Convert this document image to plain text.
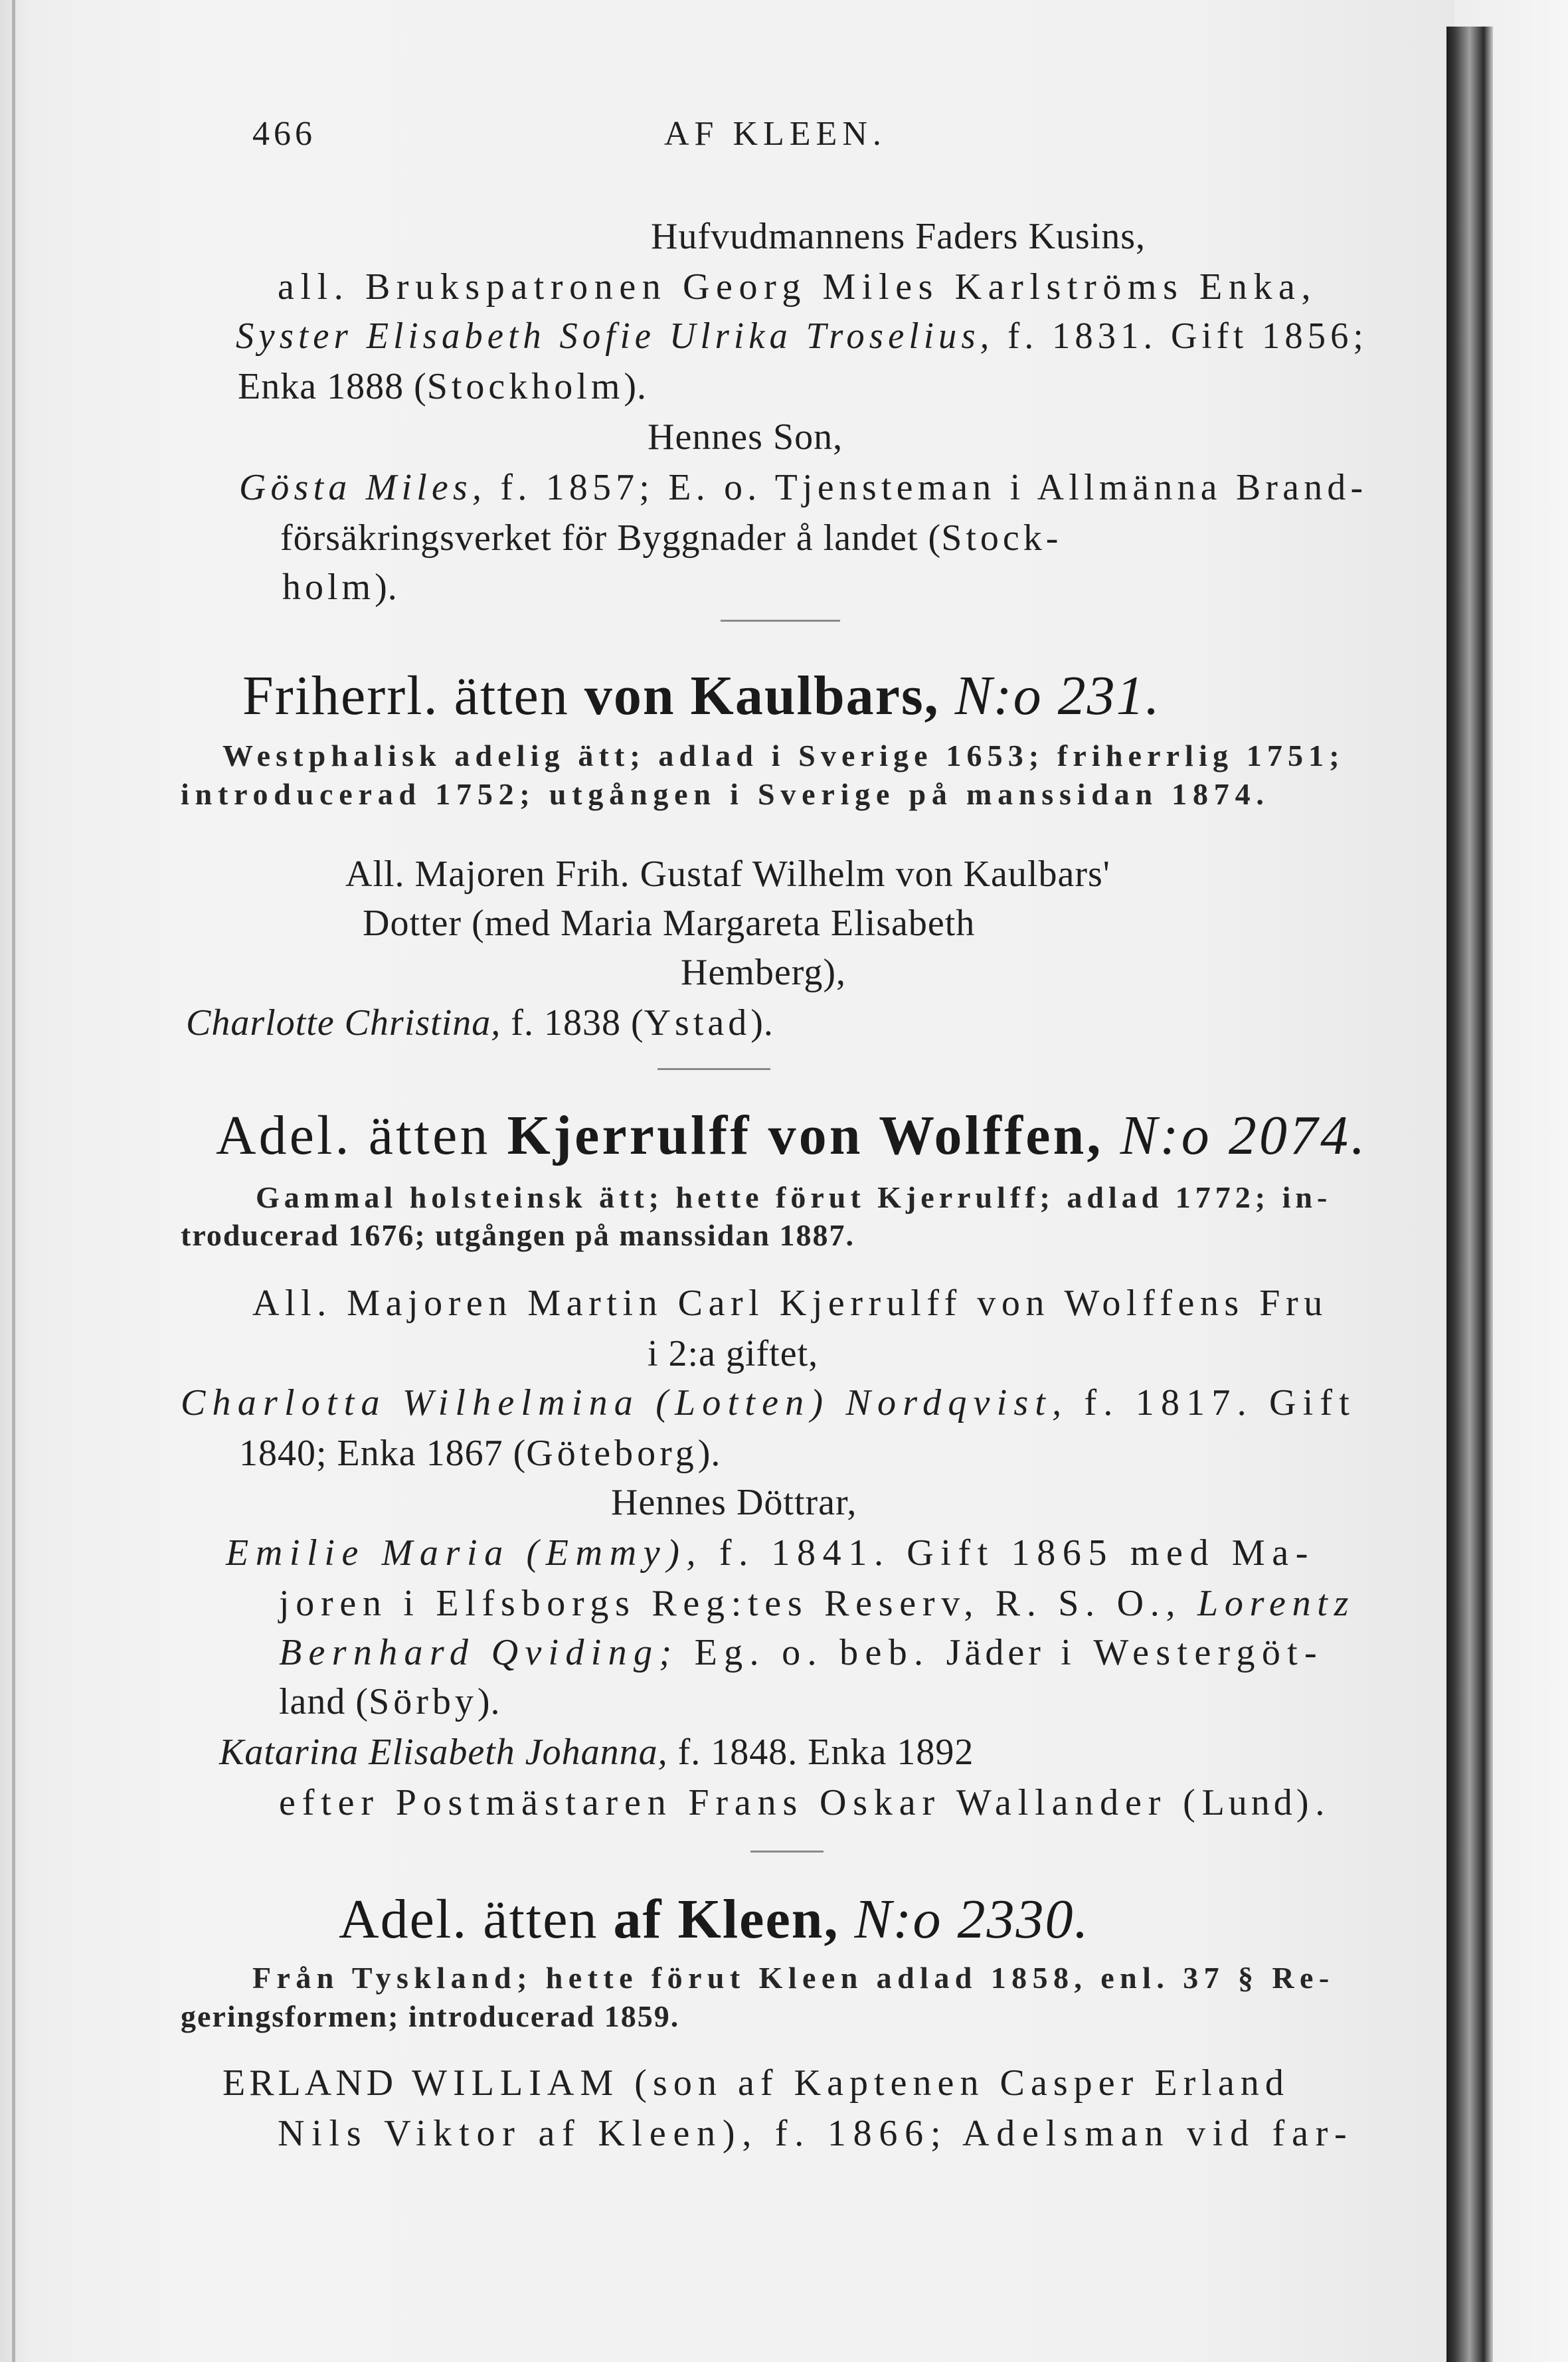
466	AF KLEEN.
Hufvudmannens Faders Kusins,
all. Brukspatronen Georg Miles Karlströms Enka,
Syster Elisabeth Sofie Ulrika Troselius, f. 1831. Gift 1856;
Enka 1888 (Stockholm).
Hennes Son,
Gösta Miles, f. 1857; E. o. Tjensteman i Allmänna Brand-
försäkringsverket för Byggnader å landet (Stock-
holm).
Friherrl. ätten von Kaulbars, N:o 231.
Westphalisk adelig ätt; adlad i Sverige 1653; friherrlig 1751;
introducerad 1752; utgången i Sverige på manssidan 1874.
All. Majoren Frih. Gustaf Wilhelm von Kaulbars'
Dotter (med Maria Margareta Elisabeth
Hemberg),
Charlotte Christina, f. 1838 (Ystad).
Adel. ätten Kjerrulff von Wolffen, N:o 2074.
Gammal holsteinsk ätt; hette förut Kjerrulff; adlad 1772; in-
troducerad 1676; utgången på manssidan 1887.
All. Majoren Martin Carl Kjerrulff von Wolffens Fru
i 2:a giftet,
Charlotta Wilhelmina (Lotten) Nordqvist, f. 1817. Gift
1840; Enka 1867 (Göteborg).
Hennes Döttrar,
Emilie Maria (Emmy), f. 1841. Gift 1865 med Ma-
joren i Elfsborgs Reg:tes Reserv, R. S. O., Lorentz
Bernhard Qviding; Eg. o. beb. Jäder i Westergöt-
land (Sörby).
Katarina Elisabeth Johanna, f. 1848. Enka 1892
efter Postmästaren Frans Oskar Wallander (Lund).
Adel. ätten af Kleen, N:o 2330.
Från Tyskland; hette förut Kleen adlad 1858, enl. 37 § Re-
geringsformen; introducerad 1859.
ERLAND WILLIAM (son af Kaptenen Casper Erland
Nils Viktor af Kleen), f. 1866; Adelsman vid far-
